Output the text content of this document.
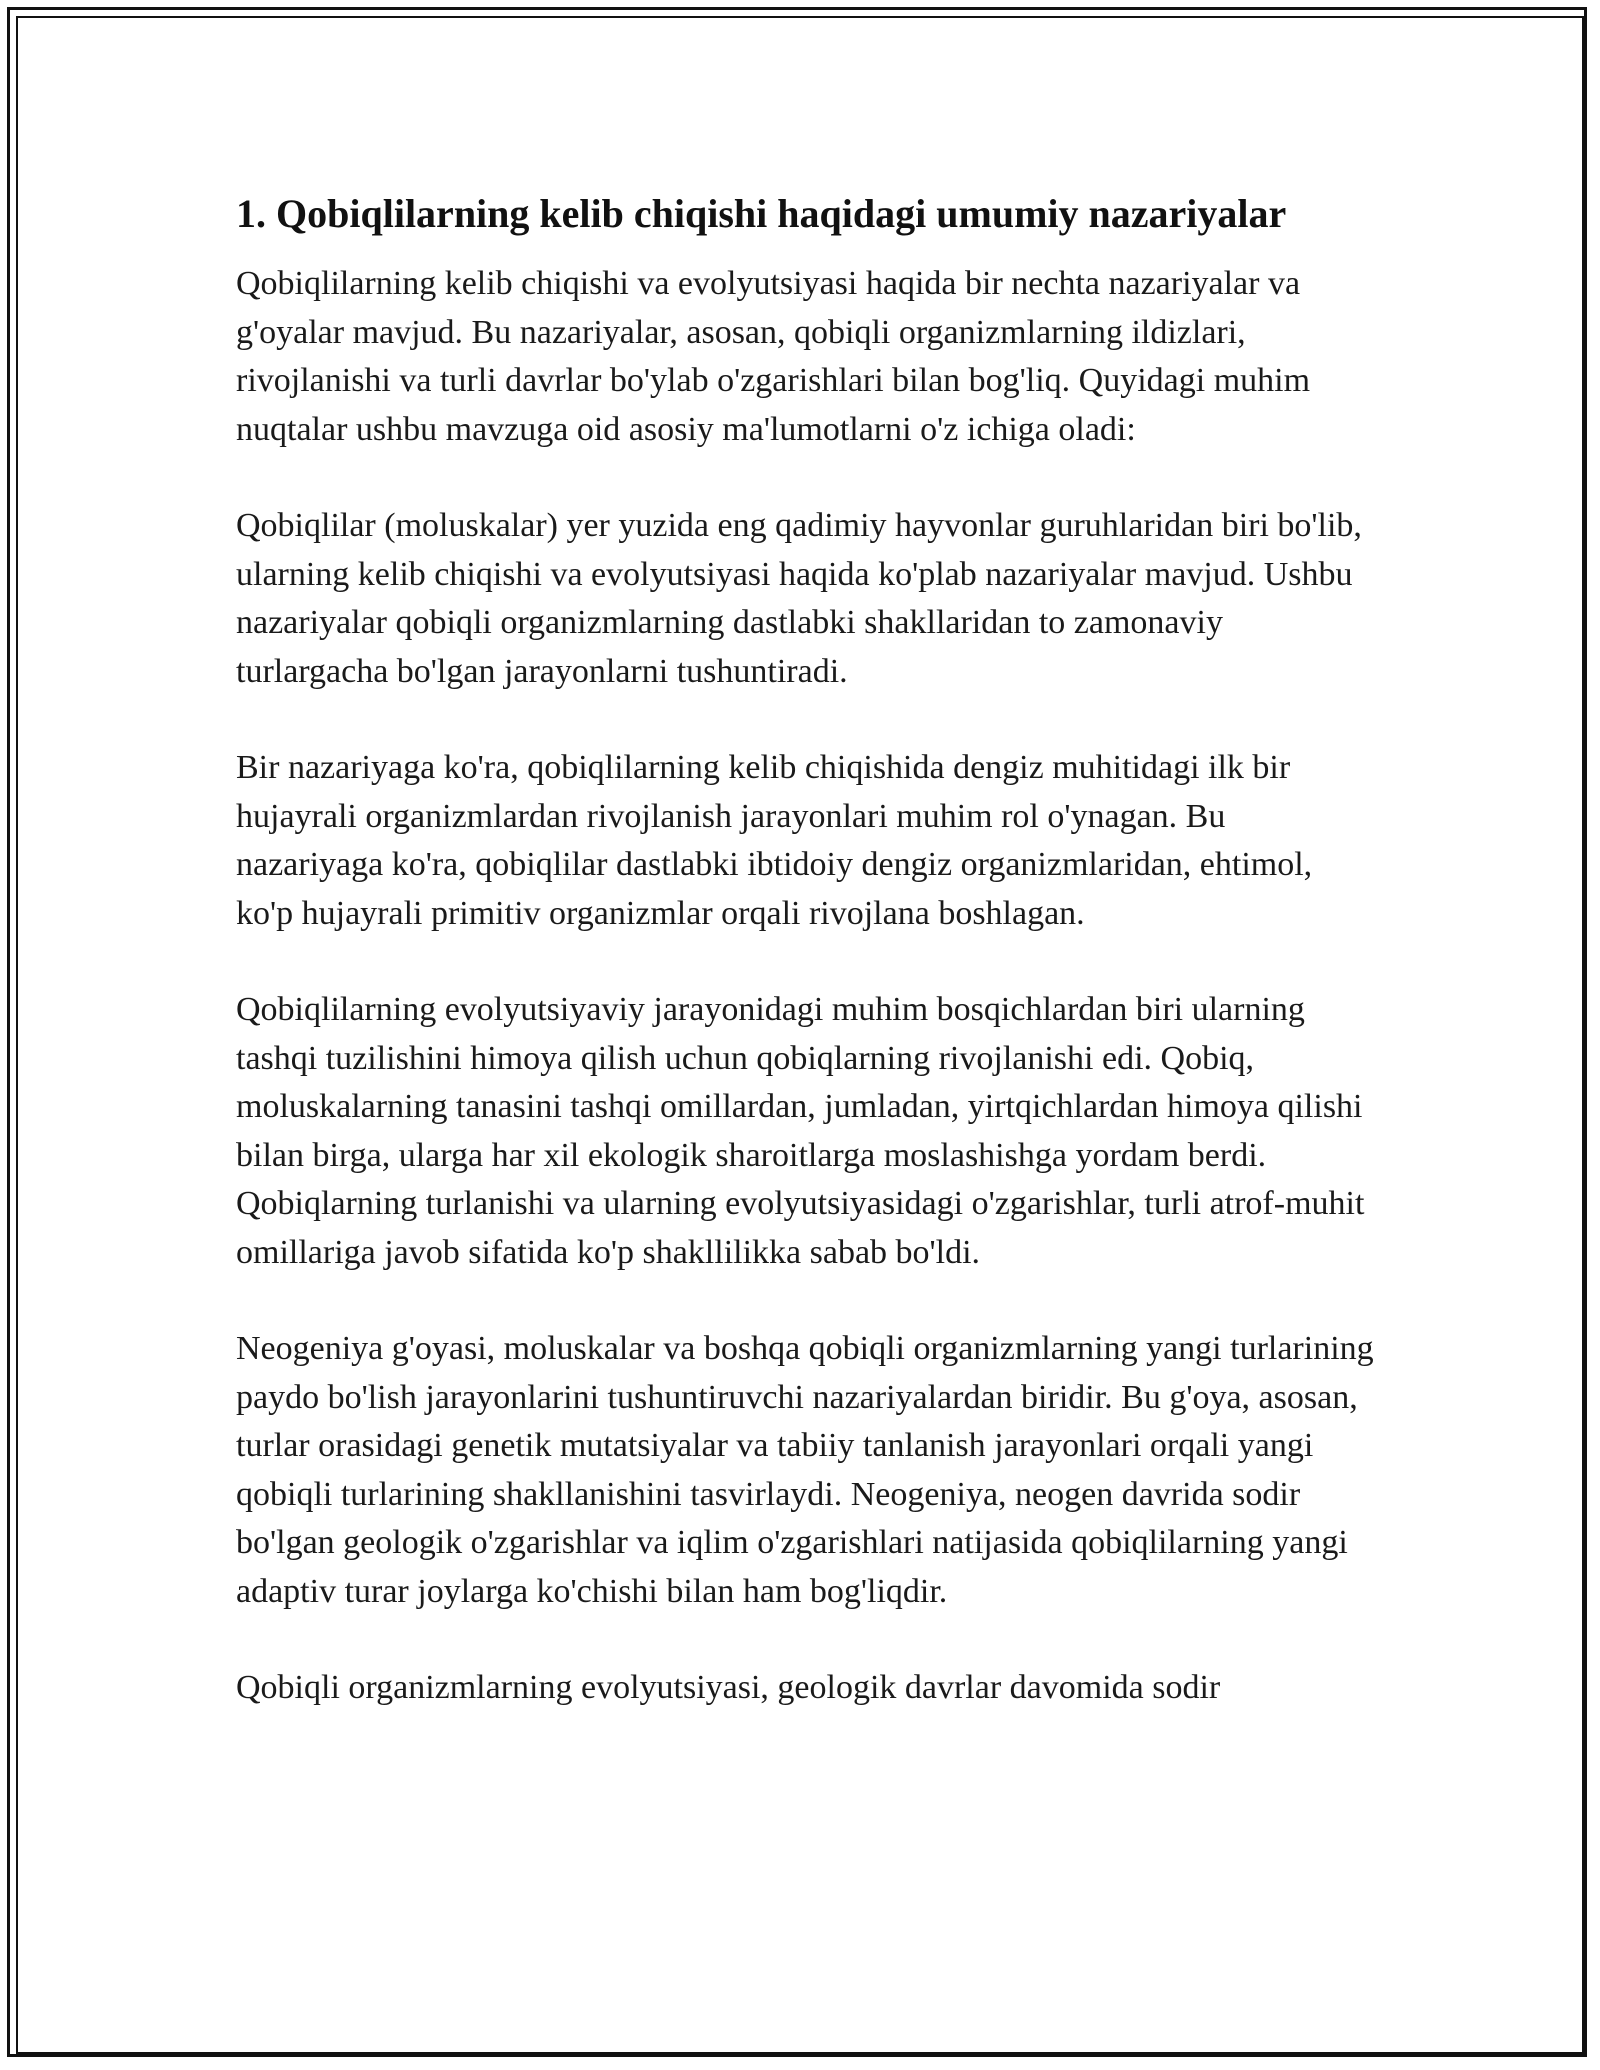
1. Qobiqlilarning kelib chiqishi haqidagi umumiy nazariyalar

Qobiqlilarning kelib chiqishi va evolyutsiyasi haqida bir nechta nazariyalar va g'oyalar mavjud. Bu nazariyalar, asosan, qobiqli organizmlarning ildizlari, rivojlanishi va turli davrlar bo'ylab o'zgarishlari bilan bog'liq. Quyidagi muhim nuqtalar ushbu mavzuga oid asosiy ma'lumotlarni o'z ichiga oladi:

Qobiqlilar (moluskalar) yer yuzida eng qadimiy hayvonlar guruhlaridan biri bo'lib, ularning kelib chiqishi va evolyutsiyasi haqida ko'plab nazariyalar mavjud. Ushbu nazariyalar qobiqli organizmlarning dastlabki shakllaridan to zamonaviy turlargacha bo'lgan jarayonlarni tushuntiradi.

Bir nazariyaga ko'ra, qobiqlilarning kelib chiqishida dengiz muhitidagi ilk bir hujayrali organizmlardan rivojlanish jarayonlari muhim rol o'ynagan. Bu nazariyaga ko'ra, qobiqlilar dastlabki ibtidoiy dengiz organizmlaridan, ehtimol, ko'p hujayrali primitiv organizmlar orqali rivojlana boshlagan.

Qobiqlilarning evolyutsiyaviy jarayonidagi muhim bosqichlardan biri ularning tashqi tuzilishini himoya qilish uchun qobiqlarning rivojlanishi edi. Qobiq, moluskalarning tanasini tashqi omillardan, jumladan, yirtqichlardan himoya qilishi bilan birga, ularga har xil ekologik sharoitlarga moslashishga yordam berdi. Qobiqlarning turlanishi va ularning evolyutsiyasidagi o'zgarishlar, turli atrof-muhit omillariga javob sifatida ko'p shakllilikka sabab bo'ldi.

Neogeniya g'oyasi, moluskalar va boshqa qobiqli organizmlarning yangi turlarining paydo bo'lish jarayonlarini tushuntiruvchi nazariyalardan biridir. Bu g'oya, asosan, turlar orasidagi genetik mutatsiyalar va tabiiy tanlanish jarayonlari orqali yangi qobiqli turlarining shakllanishini tasvirlaydi. Neogeniya, neogen davrida sodir bo'lgan geologik o'zgarishlar va iqlim o'zgarishlari natijasida qobiqlilarning yangi adaptiv turar joylarga ko'chishi bilan ham bog'liqdir.

Qobiqli organizmlarning evolyutsiyasi, geologik davrlar davomida sodir
